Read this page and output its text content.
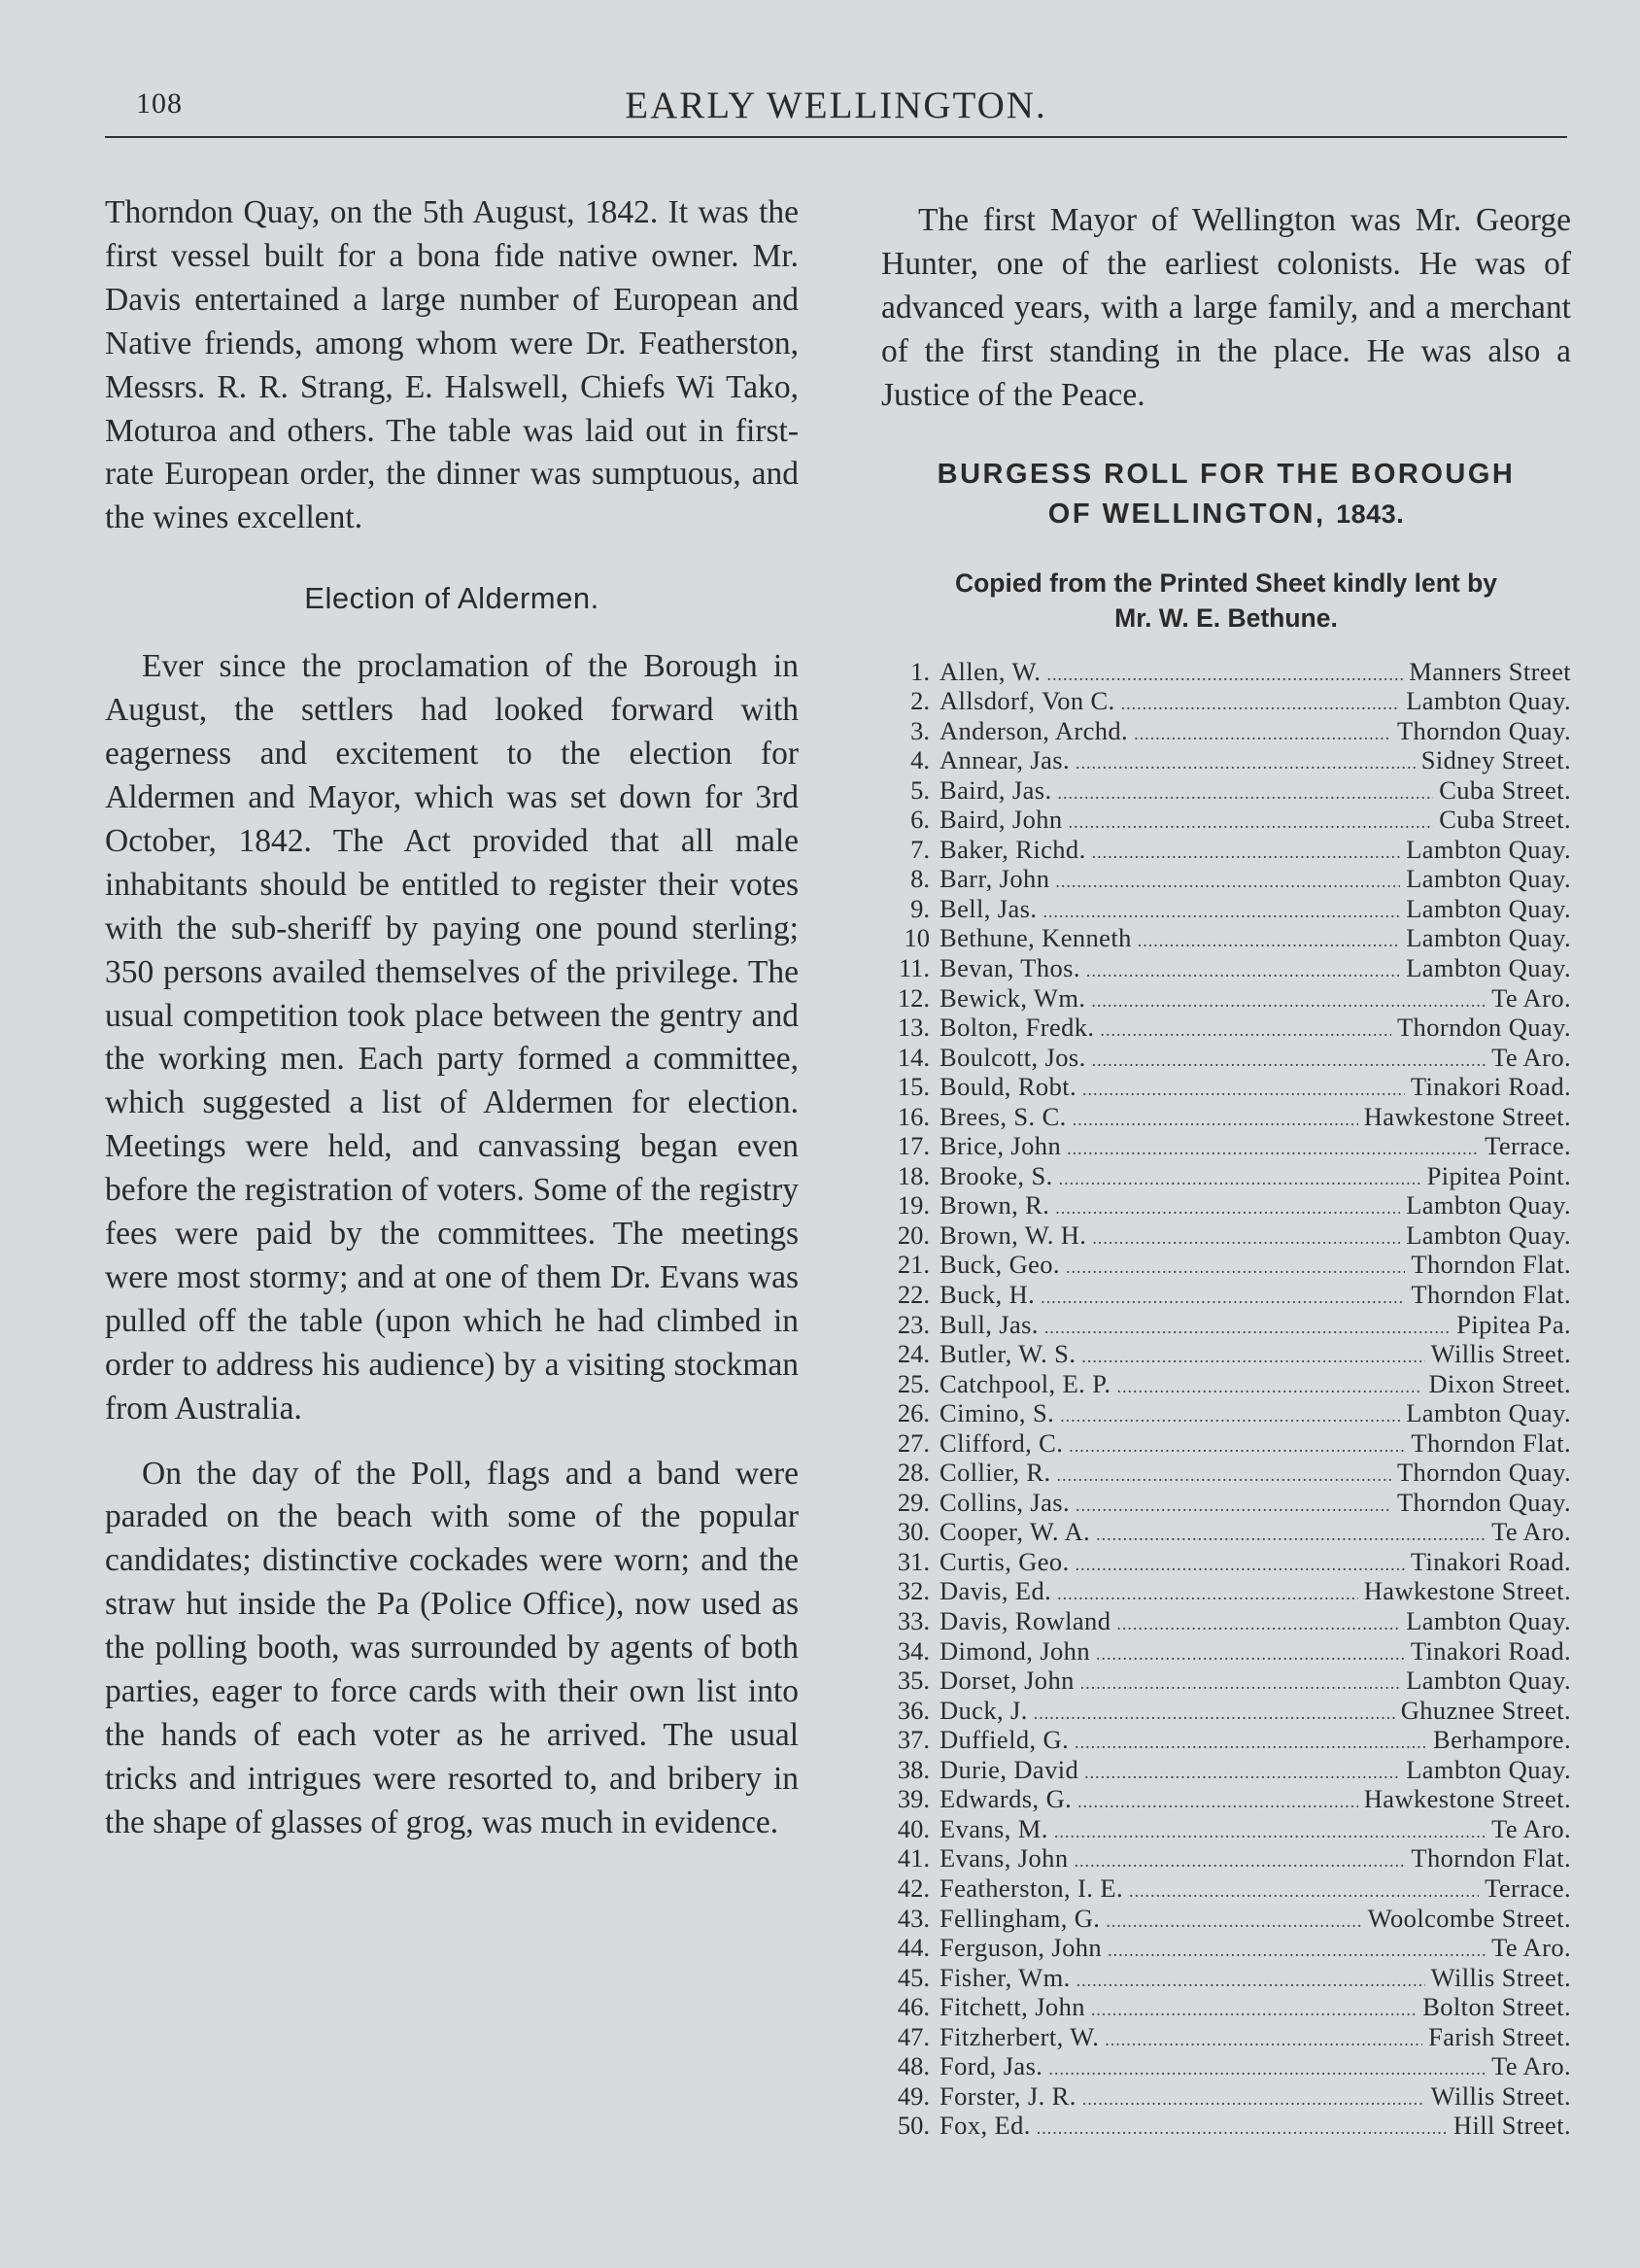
108	EARLY WELLINGTON.

Thorndon Quay, on the 5th August, 1842. It was the first vessel built for a bona fide native owner. Mr. Davis entertained a large number of European and Native friends, among whom were Dr. Featherston, Messrs. R. R. Strang, E. Halswell, Chiefs Wi Tako, Moturoa and others. The table was laid out in first-rate European order, the dinner was sumptuous, and the wines excellent.

Election of Aldermen.

Ever since the proclamation of the Borough in August, the settlers had looked forward with eagerness and excitement to the election for Aldermen and Mayor, which was set down for 3rd October, 1842. The Act provided that all male inhabitants should be entitled to register their votes with the sub-sheriff by paying one pound sterling; 350 persons availed themselves of the privilege. The usual competition took place between the gentry and the working men. Each party formed a committee, which suggested a list of Aldermen for election. Meetings were held, and canvassing began even before the registration of voters. Some of the registry fees were paid by the committees. The meetings were most stormy; and at one of them Dr. Evans was pulled off the table (upon which he had climbed in order to address his audience) by a visiting stockman from Australia.

On the day of the Poll, flags and a band were paraded on the beach with some of the popular candidates; distinctive cockades were worn; and the straw hut inside the Pa (Police Office), now used as the polling booth, was surrounded by agents of both parties, eager to force cards with their own list into the hands of each voter as he arrived. The usual tricks and intrigues were resorted to, and bribery in the shape of glasses of grog, was much in evidence.

The first Mayor of Wellington was Mr. George Hunter, one of the earliest colonists. He was of advanced years, with a large family, and a merchant of the first standing in the place. He was also a Justice of the Peace.

BURGESS ROLL FOR THE BOROUGH
OF WELLINGTON, 1843.
Copied from the Printed Sheet kindly lent by
Mr. W. E. Bethune.
1. Allen, W. .....	Manners Street
2. Allsdorf, Von C. .....	Lambton Quay.
3. Anderson, Archd. .....	Thorndon Quay.
4. Annear, Jas. .....	Sidney Street.
5. Baird, Jas. .....	Cuba Street.
6. Baird, John .....	Cuba Street.
7. Baker, Richd. .....	Lambton Quay.
8. Barr, John .....	Lambton Quay.
9. Bell, Jas. .....	Lambton Quay.
10 Bethune, Kenneth .....	Lambton Quay.
11. Bevan, Thos. .....	Lambton Quay.
12. Bewick, Wm. .....	Te Aro.
13. Bolton, Fredk. .....	Thorndon Quay.
14. Boulcott, Jos. .....	Te Aro.
15. Bould, Robt. .....	Tinakori Road.
16. Brees, S. C. .....	Hawkestone Street.
17. Brice, John .....	Terrace.
18. Brooke, S. .....	Pipitea Point.
19. Brown, R. .....	Lambton Quay.
20. Brown, W. H. .....	Lambton Quay.
21. Buck, Geo. .....	Thorndon Flat.
22. Buck, H. .....	Thorndon Flat.
23. Bull, Jas. .....	Pipitea Pa.
24. Butler, W. S. .....	Willis Street.
25. Catchpool, E. P. .....	Dixon Street.
26. Cimino, S. .....	Lambton Quay.
27. Clifford, C. .....	Thorndon Flat.
28. Collier, R. .....	Thorndon Quay.
29. Collins, Jas. .....	Thorndon Quay.
30. Cooper, W. A. .....	Te Aro.
31. Curtis, Geo. .....	Tinakori Road.
32. Davis, Ed. .....	Hawkestone Street.
33. Davis, Rowland .....	Lambton Quay.
34. Dimond, John .....	Tinakori Road.
35. Dorset, John .....	Lambton Quay.
36. Duck, J. .....	Ghuznee Street.
37. Duffield, G. .....	Berhampore.
38. Durie, David .....	Lambton Quay.
39. Edwards, G. .....	Hawkestone Street.
40. Evans, M. .....	Te Aro.
41. Evans, John .....	Thorndon Flat.
42. Featherston, I. E. .....	Terrace.
43. Fellingham, G. .....	Woolcombe Street.
44. Ferguson, John .....	Te Aro.
45. Fisher, Wm. .....	Willis Street.
46. Fitchett, John .....	Bolton Street.
47. Fitzherbert, W. .....	Farish Street.
48. Ford, Jas. .....	Te Aro.
49. Forster, J. R. .....	Willis Street.
50. Fox, Ed. .....	Hill Street.
